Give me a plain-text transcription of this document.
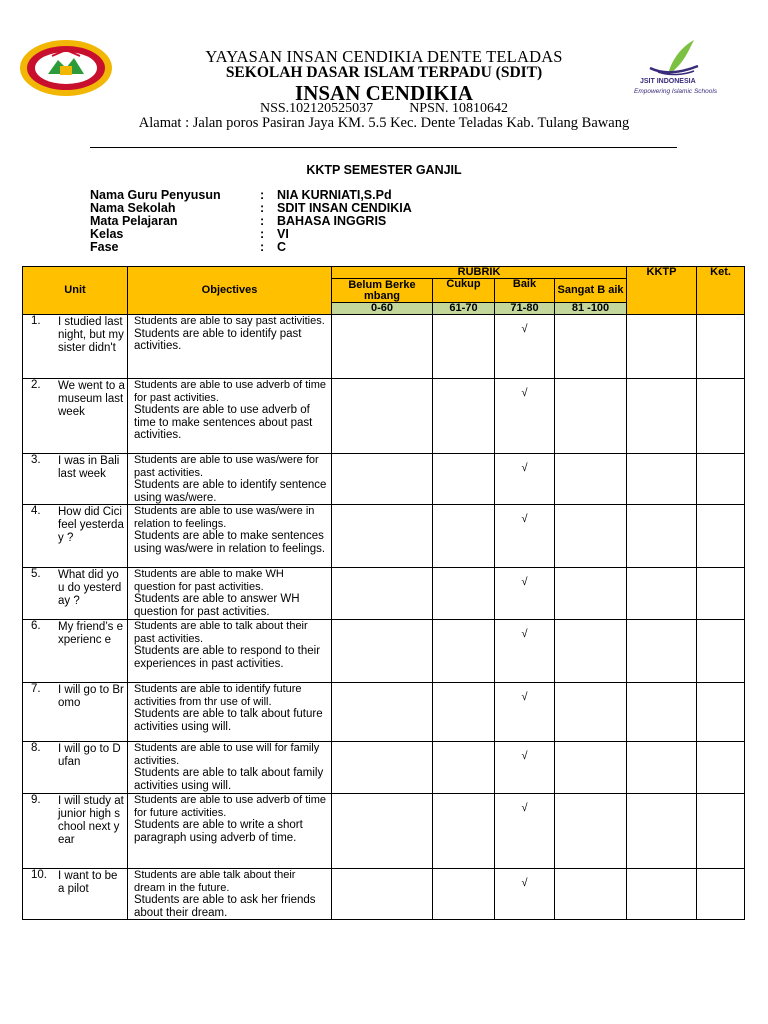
JSIT INDONESIA
Empowering Islamic Schools
YAYASAN INSAN CENDIKIA DENTE TELADAS
SEKOLAH DASAR ISLAM TERPADU (SDIT)
INSAN CENDIKIA
NSS.102120525037	NPSN. 10810642
Alamat : Jalan poros Pasiran Jaya KM. 5.5 Kec. Dente Teladas Kab. Tulang Bawang
KKTP SEMESTER GANJIL
Nama Guru Penyusun	: NIA KURNIATI,S.Pd
Nama Sekolah	: SDIT INSAN CENDIKIA
Mata Pelajaran	: BAHASA INGGRIS
Kelas	: VI
Fase	: C
Unit	Objectives	RUBRIK				KKTP	Ket.
		Belum Berke mbang	Cukup	Baik	Sangat B aik		
		0-60	61-70	71-80	81 -100		

1. I studied last night, but my sister didn't	Students are able to say past activities.
Students are able to identify past activities.			√			

2. We went to a museum last week	Students are able to use adverb of time for past activities.
Students are able to use adverb of time to make sentences about past activities.			√			

3. I was in Bali last week	Students are able to use was/were for past activities.
Students are able to identify sentence using was/were.			√			

4. How did Cici feel yesterday ?	Students are able to use was/were in relation to feelings.
Students are able to make sentences using was/were in relation to feelings.			√			

5. What did you do yesterday ?	Students are able to make WH question for past activities.
Students are able to answer WH question for past activities.			√			

6. My friend’s experienc e	Students are able to talk about their past activities.
Students are able to respond to their experiences in past activities.			√			

7. I will go to Bromo	Students are able to identify future activities from thr use of will.
Students are able to talk about future activities using will.			√			

8. I will go to Dufan	Students are able to use will for family activities.
Students are able to talk about family activities using will.			√			

9. I will study at junior high school next year	Students are able to use adverb of time for future activities.
Students are able to write a short paragraph using adverb of time.			√			

10. I want to be a pilot	Students are able talk about their dream in the future.
Students are able to ask her friends about their dream.			√			
